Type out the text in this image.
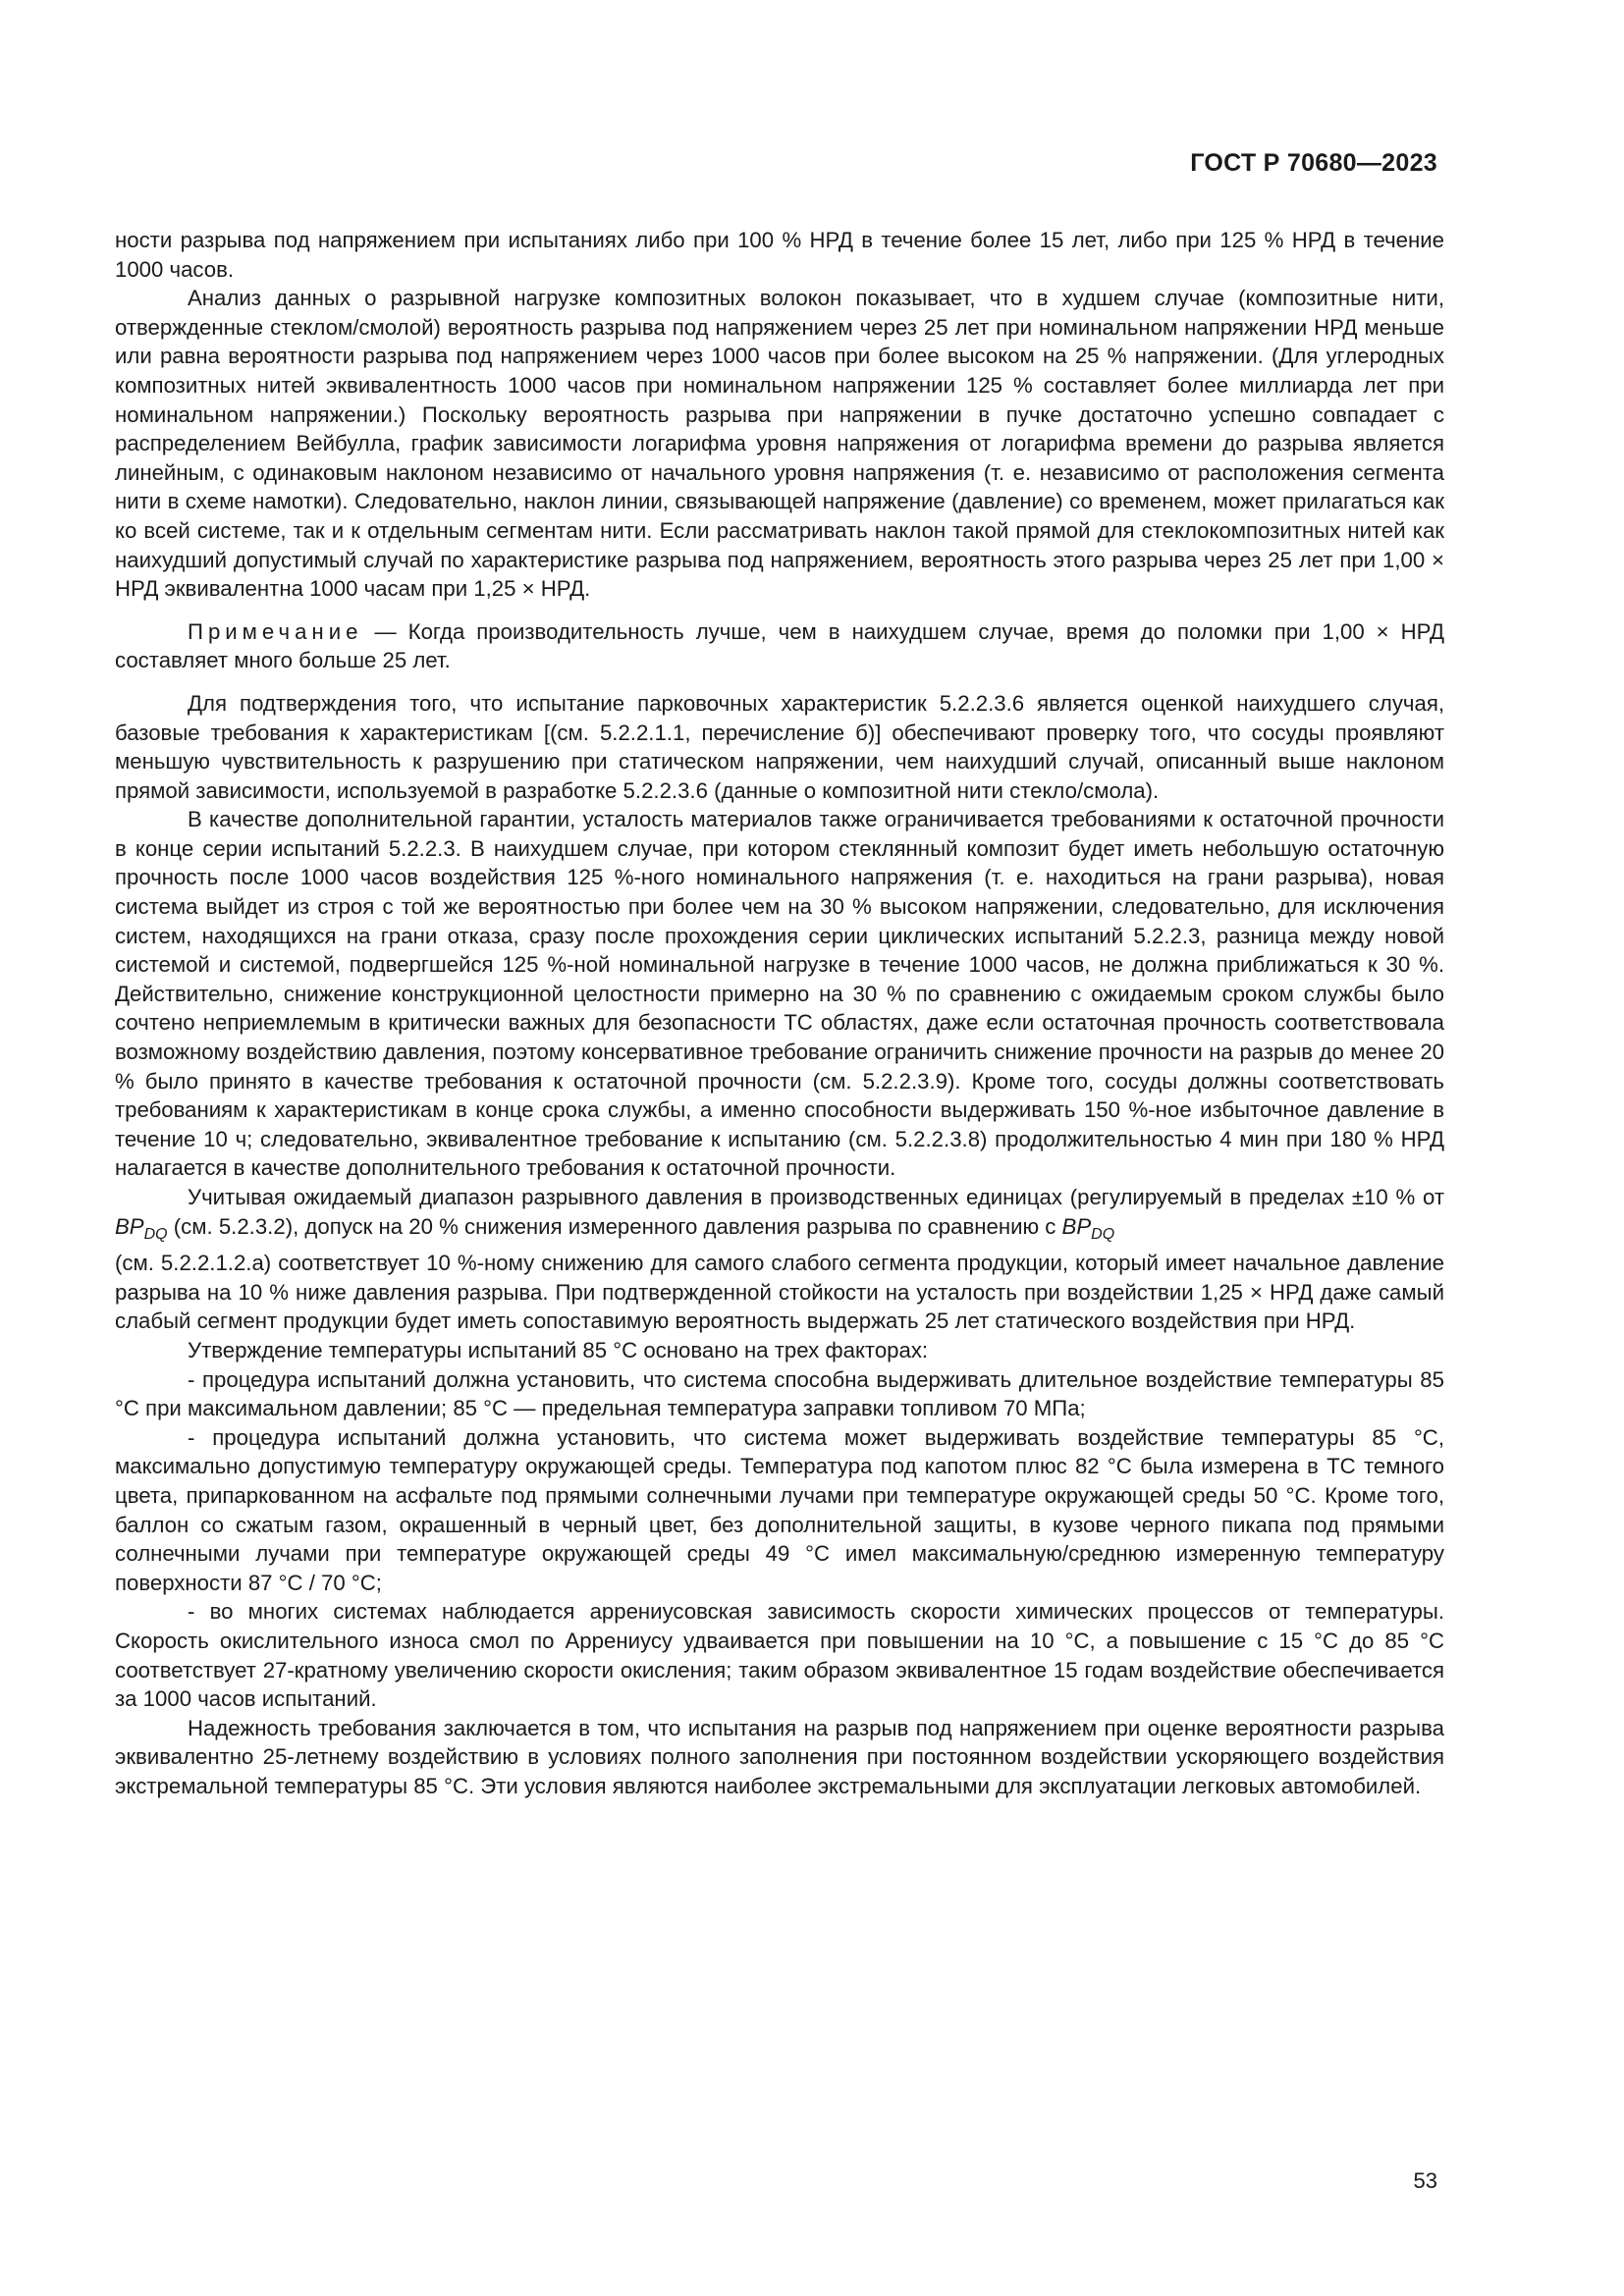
ГОСТ Р 70680—2023

ности разрыва под напряжением при испытаниях либо при 100 % НРД в течение более 15 лет, либо при 125 % НРД в течение 1000 часов.

Анализ данных о разрывной нагрузке композитных волокон показывает, что в худшем случае (композитные нити, отвержденные стеклом/смолой) вероятность разрыва под напряжением через 25 лет при номинальном напряжении НРД меньше или равна вероятности разрыва под напряжением через 1000 часов при более высоком на 25 % напряжении. (Для углеродных композитных нитей эквивалентность 1000 часов при номинальном напряжении 125 % составляет более миллиарда лет при номинальном напряжении.) Поскольку вероятность разрыва при напряжении в пучке достаточно успешно совпадает с распределением Вейбулла, график зависимости логарифма уровня напряжения от логарифма времени до разрыва является линейным, с одинаковым наклоном независимо от начального уровня напряжения (т. е. независимо от расположения сегмента нити в схеме намотки). Следовательно, наклон линии, связывающей напряжение (давление) со временем, может прилагаться как ко всей системе, так и к отдельным сегментам нити. Если рассматривать наклон такой прямой для стеклокомпозитных нитей как наихудший допустимый случай по характеристике разрыва под напряжением, вероятность этого разрыва через 25 лет при 1,00 × НРД эквивалентна 1000 часам при 1,25 × НРД.

Примечание — Когда производительность лучше, чем в наихудшем случае, время до поломки при 1,00 × НРД составляет много больше 25 лет.

Для подтверждения того, что испытание парковочных характеристик 5.2.2.3.6 является оценкой наихудшего случая, базовые требования к характеристикам [(см. 5.2.2.1.1, перечисление б)] обеспечивают проверку того, что сосуды проявляют меньшую чувствительность к разрушению при статическом напряжении, чем наихудший случай, описанный выше наклоном прямой зависимости, используемой в разработке 5.2.2.3.6 (данные о композитной нити стекло/смола).

В качестве дополнительной гарантии, усталость материалов также ограничивается требованиями к остаточной прочности в конце серии испытаний 5.2.2.3. В наихудшем случае, при котором стеклянный композит будет иметь небольшую остаточную прочность после 1000 часов воздействия 125 %-ного номинального напряжения (т. е. находиться на грани разрыва), новая система выйдет из строя с той же вероятностью при более чем на 30 % высоком напряжении, следовательно, для исключения систем, находящихся на грани отказа, сразу после прохождения серии циклических испытаний 5.2.2.3, разница между новой системой и системой, подвергшейся 125 %-ной номинальной нагрузке в течение 1000 часов, не должна приближаться к 30 %. Действительно, снижение конструкционной целостности примерно на 30 % по сравнению с ожидаемым сроком службы было сочтено неприемлемым в критически важных для безопасности ТС областях, даже если остаточная прочность соответствовала возможному воздействию давления, поэтому консервативное требование ограничить снижение прочности на разрыв до менее 20 % было принято в качестве требования к остаточной прочности (см. 5.2.2.3.9). Кроме того, сосуды должны соответствовать требованиям к характеристикам в конце срока службы, а именно способности выдерживать 150 %-ное избыточное давление в течение 10 ч; следовательно, эквивалентное требование к испытанию (см. 5.2.2.3.8) продолжительностью 4 мин при 180 % НРД налагается в качестве дополнительного требования к остаточной прочности.

Учитывая ожидаемый диапазон разрывного давления в производственных единицах (регулируемый в пределах ±10 % от $BP_{DQ}$ (см. 5.2.3.2), допуск на 20 % снижения измеренного давления разрыва по сравнению с $BP_{DQ}$
(см. 5.2.2.1.2.а) соответствует 10 %-ному снижению для самого слабого сегмента продукции, который имеет начальное давление разрыва на 10 % ниже давления разрыва. При подтвержденной стойкости на усталость при воздействии 1,25 × НРД даже самый слабый сегмент продукции будет иметь сопоставимую вероятность выдержать 25 лет статического воздействия при НРД.

Утверждение температуры испытаний 85 °С основано на трех факторах:

- процедура испытаний должна установить, что система способна выдерживать длительное воздействие температуры 85 °С при максимальном давлении; 85 °С — предельная температура заправки топливом 70 МПа;

- процедура испытаний должна установить, что система может выдерживать воздействие температуры 85 °С, максимально допустимую температуру окружающей среды. Температура под капотом плюс 82 °С была измерена в ТС темного цвета, припаркованном на асфальте под прямыми солнечными лучами при температуре окружающей среды 50 °С. Кроме того, баллон со сжатым газом, окрашенный в черный цвет, без дополнительной защиты, в кузове черного пикапа под прямыми солнечными лучами при температуре окружающей среды 49 °С имел максимальную/среднюю измеренную температуру поверхности 87 °С / 70 °С;

- во многих системах наблюдается аррениусовская зависимость скорости химических процессов от температуры. Скорость окислительного износа смол по Аррениусу удваивается при повышении на 10 °С, а повышение с 15 °С до 85 °С соответствует 27-кратному увеличению скорости окисления; таким образом эквивалентное 15 годам воздействие обеспечивается за 1000 часов испытаний.

Надежность требования заключается в том, что испытания на разрыв под напряжением при оценке вероятности разрыва эквивалентно 25-летнему воздействию в условиях полного заполнения при постоянном воздействии ускоряющего воздействия экстремальной температуры 85 °С. Эти условия являются наиболее экстремальными для эксплуатации легковых автомобилей.

53
